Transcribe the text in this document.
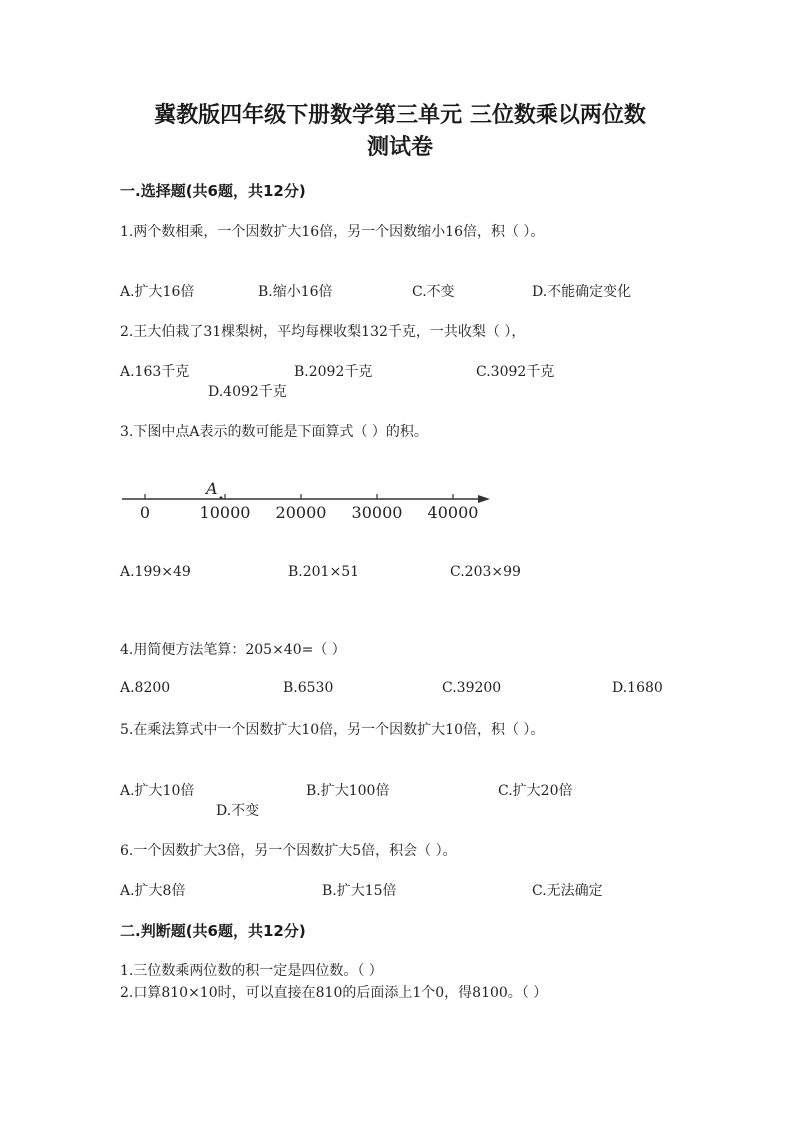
冀教版四年级下册数学第三单元 三位数乘以两位数
测试卷
一.选择题(共6题，共12分)
1.两个数相乘，一个因数扩大16倍，另一个因数缩小16倍，积（ ）。
A.扩大16倍	B.缩小16倍	C.不变	D.不能确定变化
2.王大伯栽了31棵梨树，平均每棵收梨132千克，一共收梨（ ），
A.163千克	B.2092千克	C.3092千克
D.4092千克
3.下图中点A表示的数可能是下面算式（ ）的积。
A
0	10000 20000 30000 40000
A.199×49	B.201×51	C.203×99
4.用简便方法笔算：205×40=（ ）
A.8200	B.6530	C.39200	D.1680
5.在乘法算式中一个因数扩大10倍，另一个因数扩大10倍，积（ ）。
A.扩大10倍	B.扩大100倍	C.扩大20倍
D.不变
6.一个因数扩大3倍，另一个因数扩大5倍，积会（ ）。
A.扩大8倍	B.扩大15倍	C.无法确定
二.判断题(共6题，共12分)
1.三位数乘两位数的积一定是四位数。（ ）
2.口算810×10时，可以直接在810的后面添上1个0，得8100。（ ）
